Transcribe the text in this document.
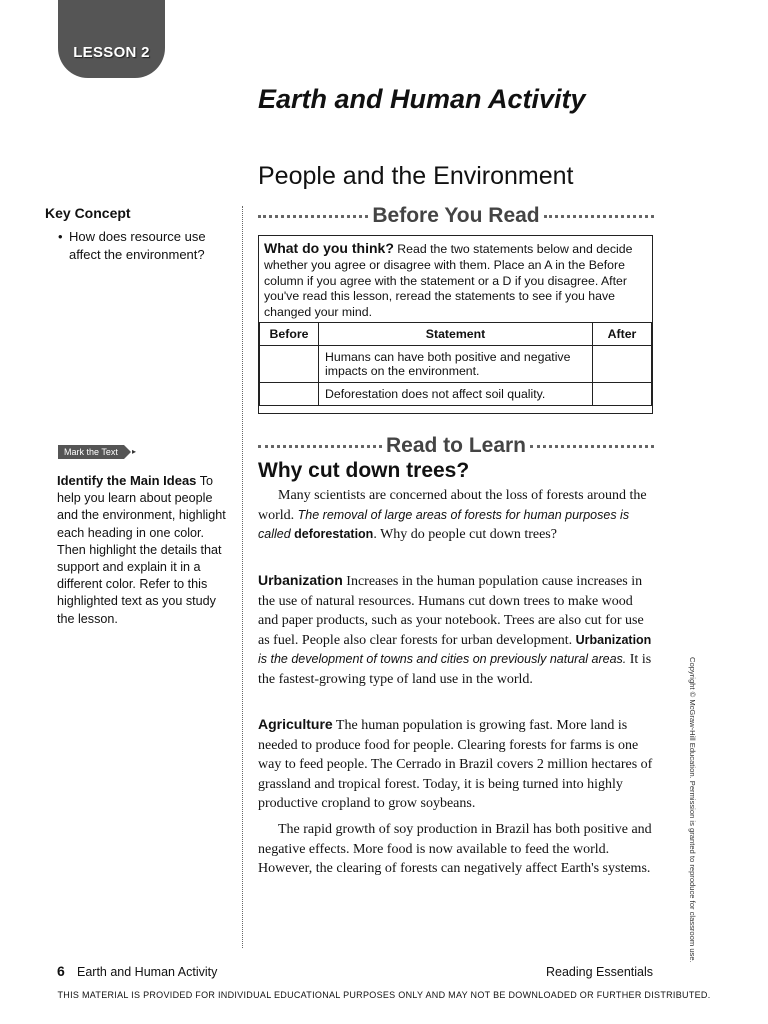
LESSON 2
Earth and Human Activity
People and the Environment
Key Concept
• How does resource use affect the environment?
Before You Read
What do you think? Read the two statements below and decide whether you agree or disagree with them. Place an A in the Before column if you agree with the statement or a D if you disagree. After you've read this lesson, reread the statements to see if you have changed your mind.
Before	Statement	After
	Humans can have both positive and negative impacts on the environment.	
	Deforestation does not affect soil quality.	
Read to Learn
Why cut down trees?
Many scientists are concerned about the loss of forests around the world. The removal of large areas of forests for human purposes is called deforestation. Why do people cut down trees?
Urbanization Increases in the human population cause increases in the use of natural resources. Humans cut down trees to make wood and paper products, such as your notebook. Trees are also cut for use as fuel. People also clear forests for urban development. Urbanization is the development of towns and cities on previously natural areas. It is the fastest-growing type of land use in the world.
Agriculture The human population is growing fast. More land is needed to produce food for people. Clearing forests for farms is one way to feed people. The Cerrado in Brazil covers 2 million hectares of grassland and tropical forest. Today, it is being turned into highly productive cropland to grow soybeans.
The rapid growth of soy production in Brazil has both positive and negative effects. More food is now available to feed the world. However, the clearing of forests can negatively affect Earth's systems.
Mark the Text	▸
Identify the Main Ideas To help you learn about people and the environment, highlight each heading in one color. Then highlight the details that support and explain it in a different color. Refer to this highlighted text as you study the lesson.
Copyright © McGraw-Hill Education. Permission is granted to reproduce for classroom use.
6 Earth and Human Activity	Reading Essentials
THIS MATERIAL IS PROVIDED FOR INDIVIDUAL EDUCATIONAL PURPOSES ONLY AND MAY NOT BE DOWNLOADED OR FURTHER DISTRIBUTED.
